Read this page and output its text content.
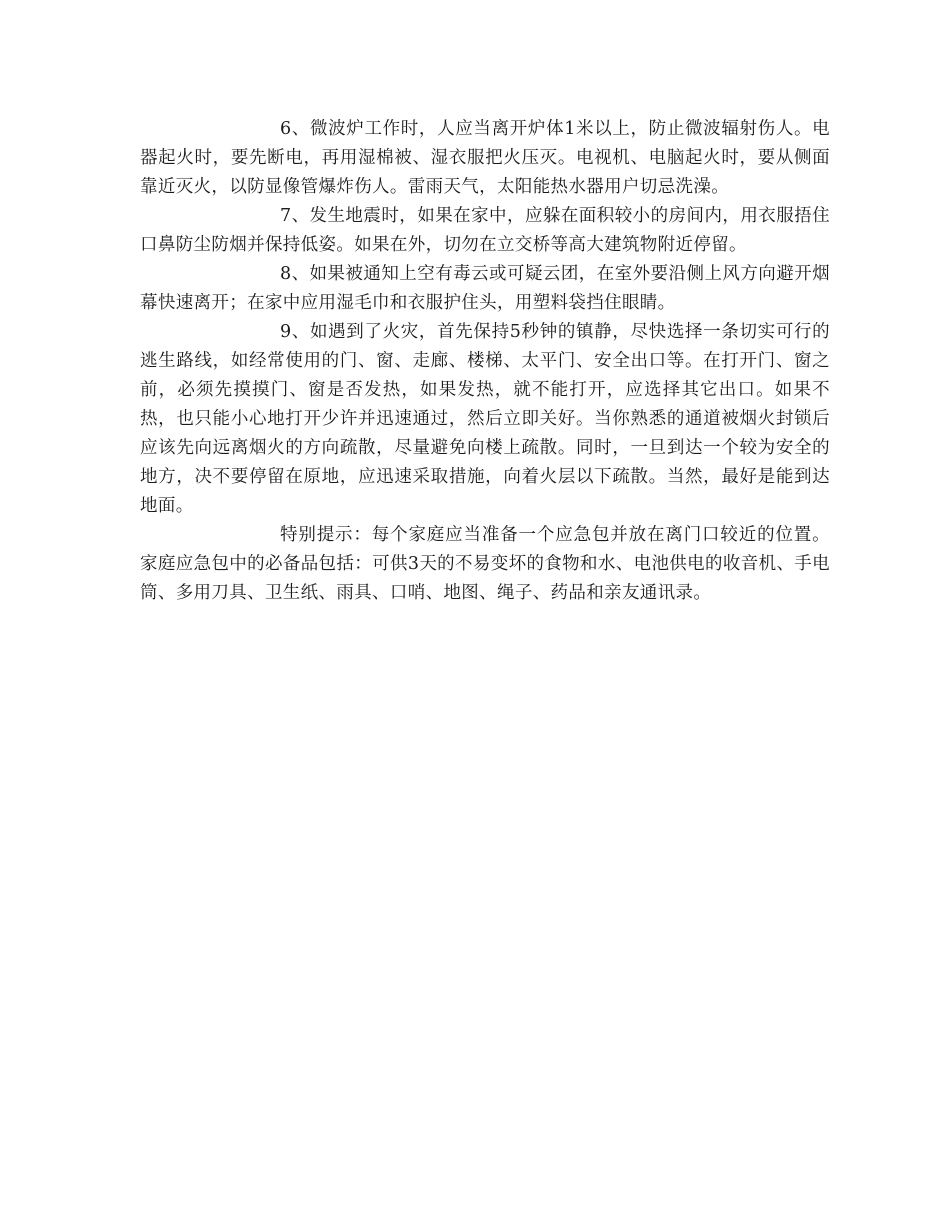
6、微波炉工作时，人应当离开炉体1米以上，防止微波辐射伤人。电器起火时，要先断电，再用湿棉被、湿衣服把火压灭。电视机、电脑起火时，要从侧面靠近灭火，以防显像管爆炸伤人。雷雨天气，太阳能热水器用户切忌洗澡。

7、发生地震时，如果在家中，应躲在面积较小的房间内，用衣服捂住口鼻防尘防烟并保持低姿。如果在外，切勿在立交桥等高大建筑物附近停留。

8、如果被通知上空有毒云或可疑云团，在室外要沿侧上风方向避开烟幕快速离开；在家中应用湿毛巾和衣服护住头，用塑料袋挡住眼睛。

9、如遇到了火灾，首先保持5秒钟的镇静，尽快选择一条切实可行的逃生路线，如经常使用的门、窗、走廊、楼梯、太平门、安全出口等。在打开门、窗之前，必须先摸摸门、窗是否发热，如果发热，就不能打开，应选择其它出口。如果不热，也只能小心地打开少许并迅速通过，然后立即关好。当你熟悉的通道被烟火封锁后应该先向远离烟火的方向疏散，尽量避免向楼上疏散。同时，一旦到达一个较为安全的地方，决不要停留在原地，应迅速采取措施，向着火层以下疏散。当然，最好是能到达地面。

特别提示：每个家庭应当准备一个应急包并放在离门口较近的位置。家庭应急包中的必备品包括：可供3天的不易变坏的食物和水、电池供电的收音机、手电筒、多用刀具、卫生纸、雨具、口哨、地图、绳子、药品和亲友通讯录。
